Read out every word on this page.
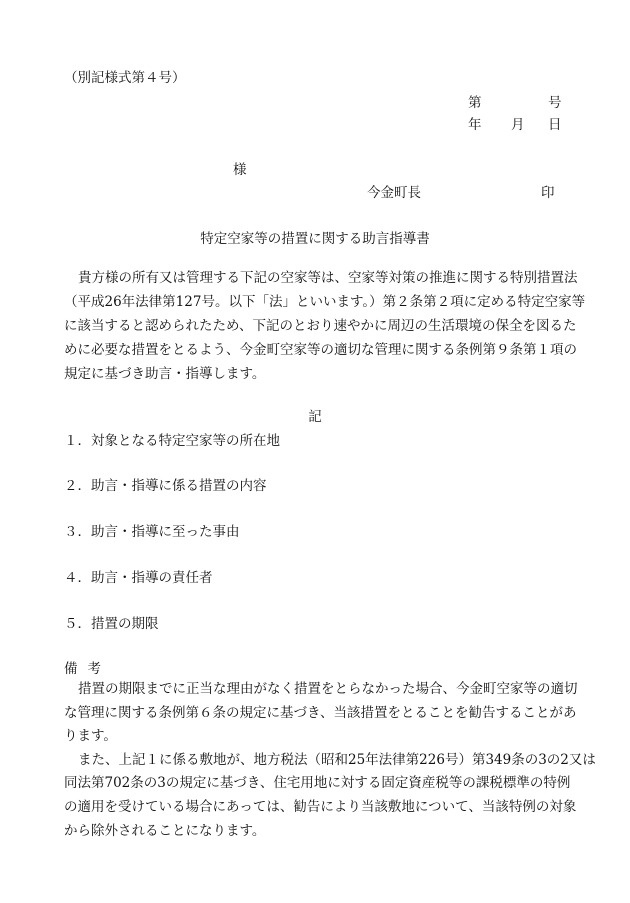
（別記様式第４号）
第	号
年 月 日
様
今金町長	印
特定空家等の措置に関する助言指導書
貴方様の所有又は管理する下記の空家等は、空家等対策の推進に関する特別措置法
（平成26年法律第127号。以下「法」といいます。）第２条第２項に定める特定空家等
に該当すると認められたため、下記のとおり速やかに周辺の生活環境の保全を図るた
めに必要な措置をとるよう、今金町空家等の適切な管理に関する条例第９条第１項の
規定に基づき助言・指導します。
記
１．対象となる特定空家等の所在地
２．助言・指導に係る措置の内容
３．助言・指導に至った事由
４．助言・指導の責任者
５．措置の期限
備考
措置の期限までに正当な理由がなく措置をとらなかった場合、今金町空家等の適切
な管理に関する条例第６条の規定に基づき、当該措置をとることを勧告することがあ
ります。
また、上記１に係る敷地が、地方税法（昭和25年法律第226号）第349条の3の2又は
同法第702条の3の規定に基づき、住宅用地に対する固定資産税等の課税標準の特例
の適用を受けている場合にあっては、勧告により当該敷地について、当該特例の対象
から除外されることになります。
